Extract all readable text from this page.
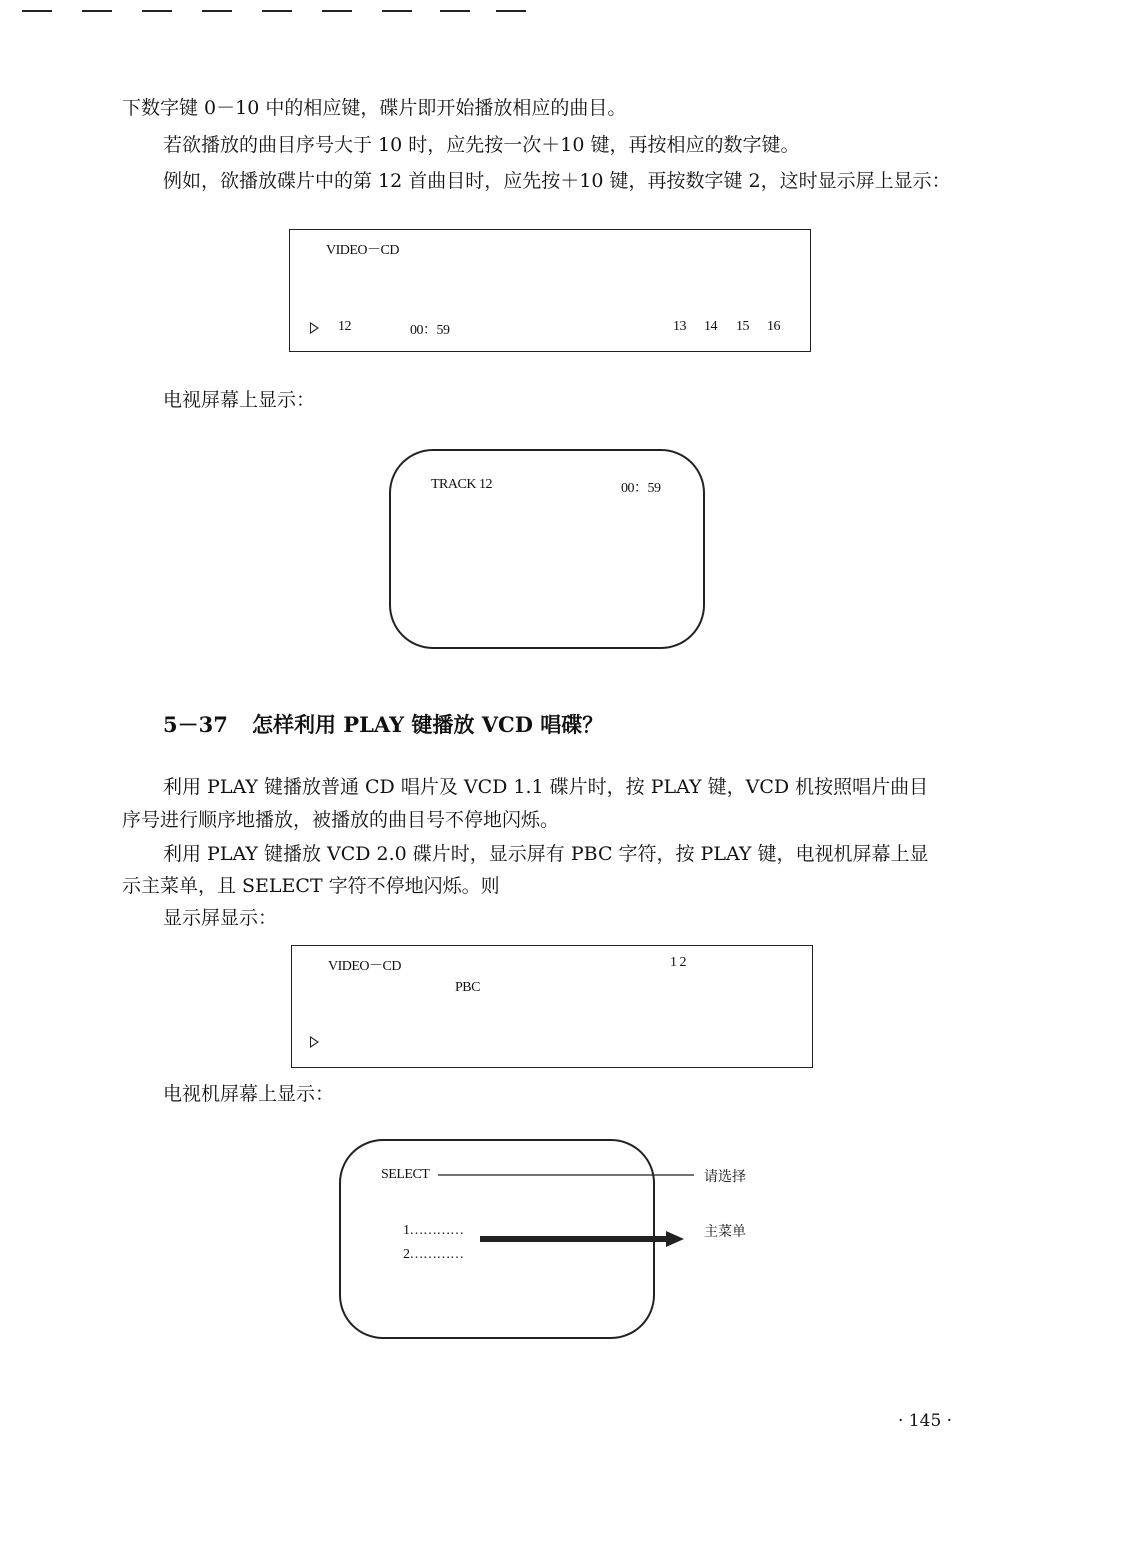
下数字键 0－10 中的相应键，碟片即开始播放相应的曲目。
若欲播放的曲目序号大于 10 时，应先按一次＋10 键，再按相应的数字键。
例如，欲播放碟片中的第 12 首曲目时，应先按＋10 键，再按数字键 2，这时显示屏上显示：
VIDEO－CD
12	00：59	13 14 15 16
电视屏幕上显示：
TRACK 12	00：59
5－37 怎样利用 PLAY 键播放 VCD 唱碟？
利用 PLAY 键播放普通 CD 唱片及 VCD 1.1 碟片时，按 PLAY 键，VCD 机按照唱片曲目
序号进行顺序地播放，被播放的曲目号不停地闪烁。
利用 PLAY 键播放 VCD 2.0 碟片时，显示屏有 PBC 字符，按 PLAY 键，电视机屏幕上显
示主菜单，且 SELECT 字符不停地闪烁。则
显示屏显示：
VIDEO－CD	1 2
PBC
电视机屏幕上显示：
SELECT
1…………
2…………
请选择
主菜单
· 145 ·
